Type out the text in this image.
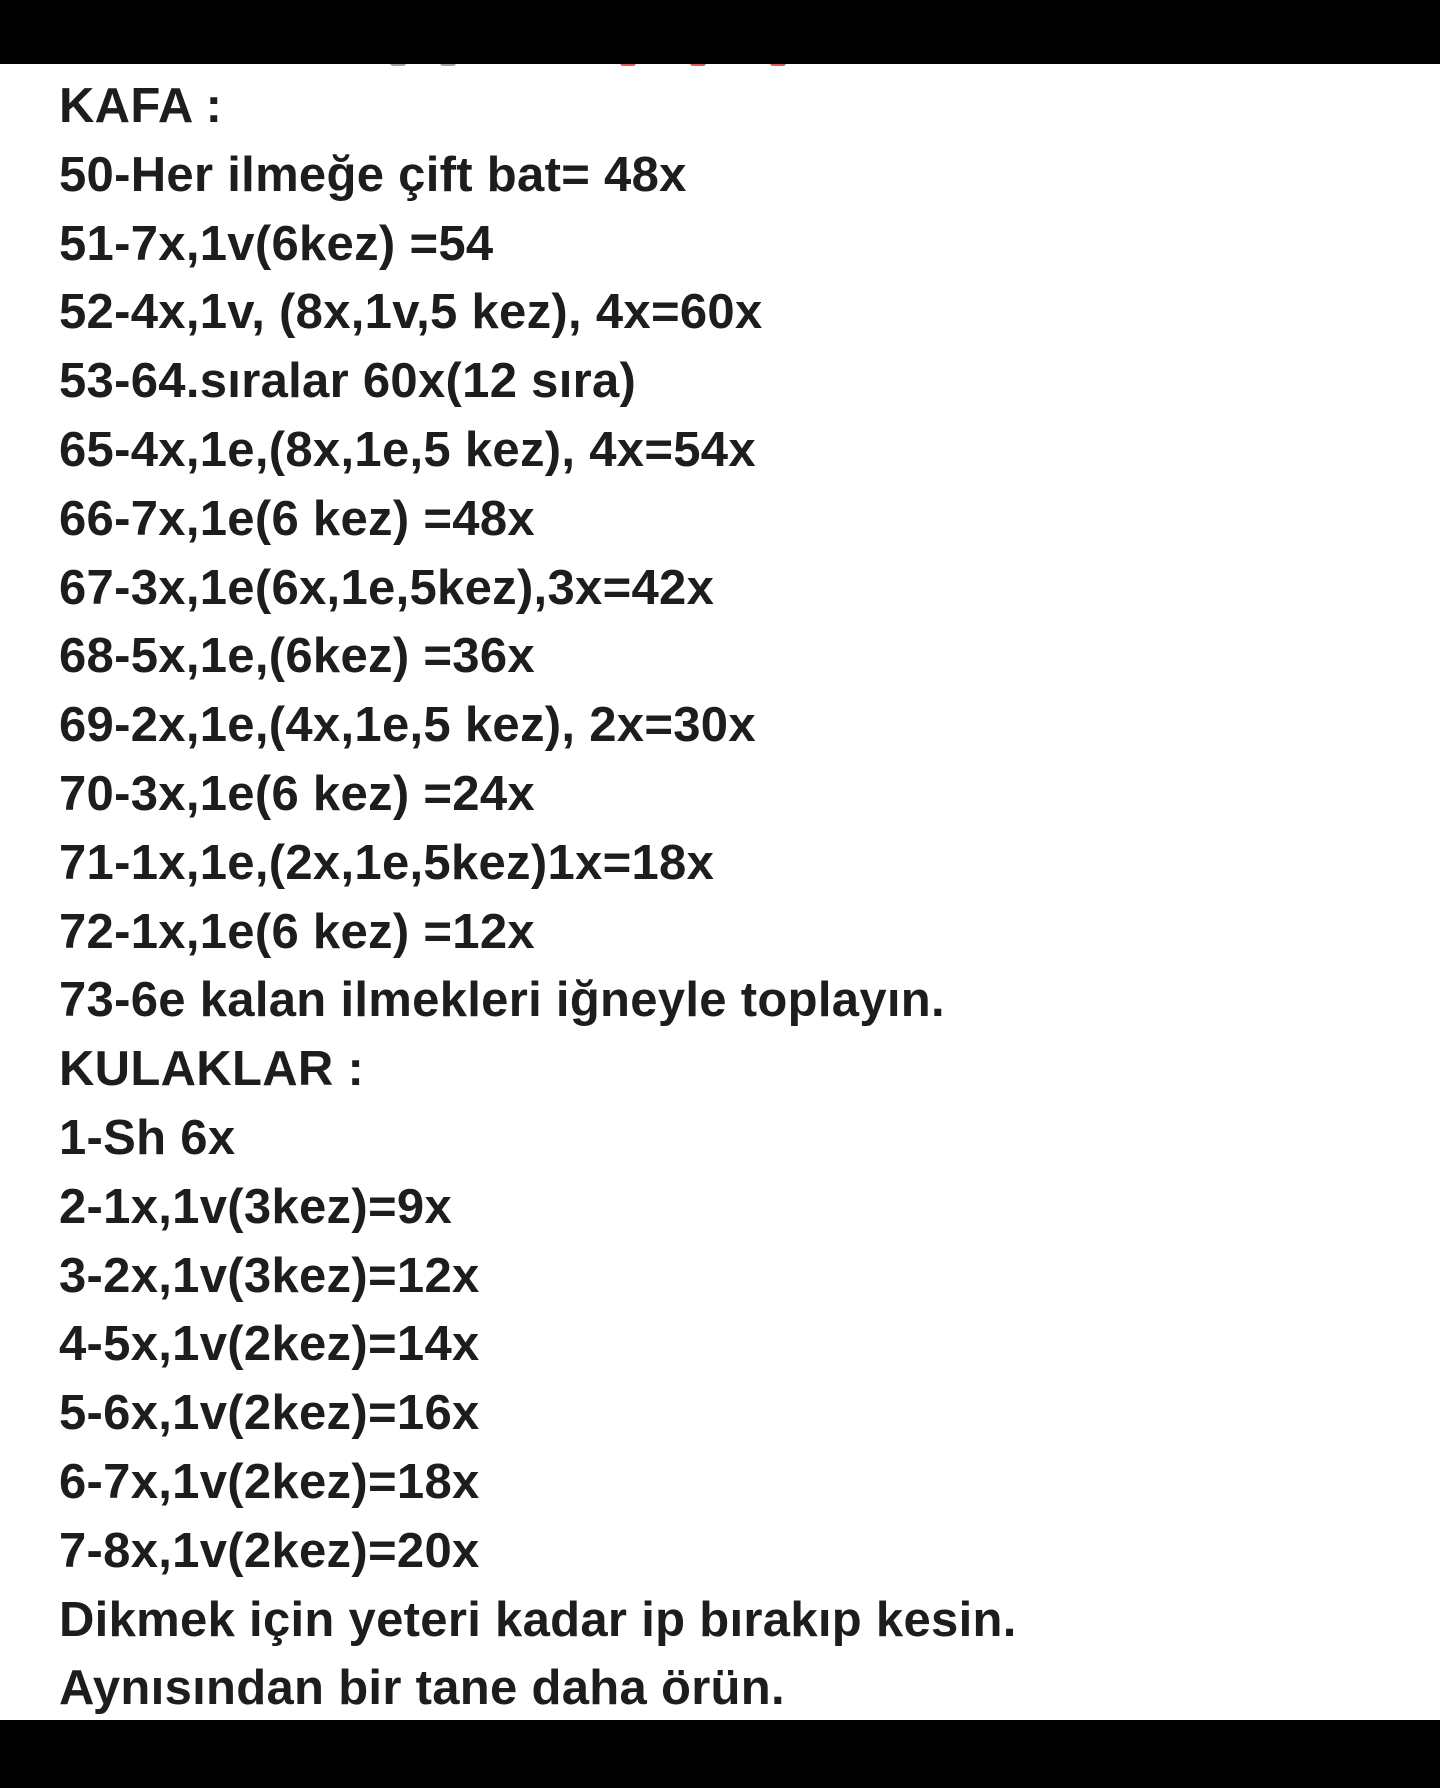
KAFA :
50-Her ilmeğe çift bat= 48x
51-7x,1v(6kez) =54
52-4x,1v, (8x,1v,5 kez), 4x=60x
53-64.sıralar 60x(12 sıra)
65-4x,1e,(8x,1e,5 kez), 4x=54x
66-7x,1e(6 kez) =48x
67-3x,1e(6x,1e,5kez),3x=42x
68-5x,1e,(6kez) =36x
69-2x,1e,(4x,1e,5 kez), 2x=30x
70-3x,1e(6 kez) =24x
71-1x,1e,(2x,1e,5kez)1x=18x
72-1x,1e(6 kez) =12x
73-6e kalan ilmekleri iğneyle toplayın.
KULAKLAR :
1-Sh 6x
2-1x,1v(3kez)=9x
3-2x,1v(3kez)=12x
4-5x,1v(2kez)=14x
5-6x,1v(2kez)=16x
6-7x,1v(2kez)=18x
7-8x,1v(2kez)=20x
Dikmek için yeteri kadar ip bırakıp kesin.
Aynısından bir tane daha örün.
